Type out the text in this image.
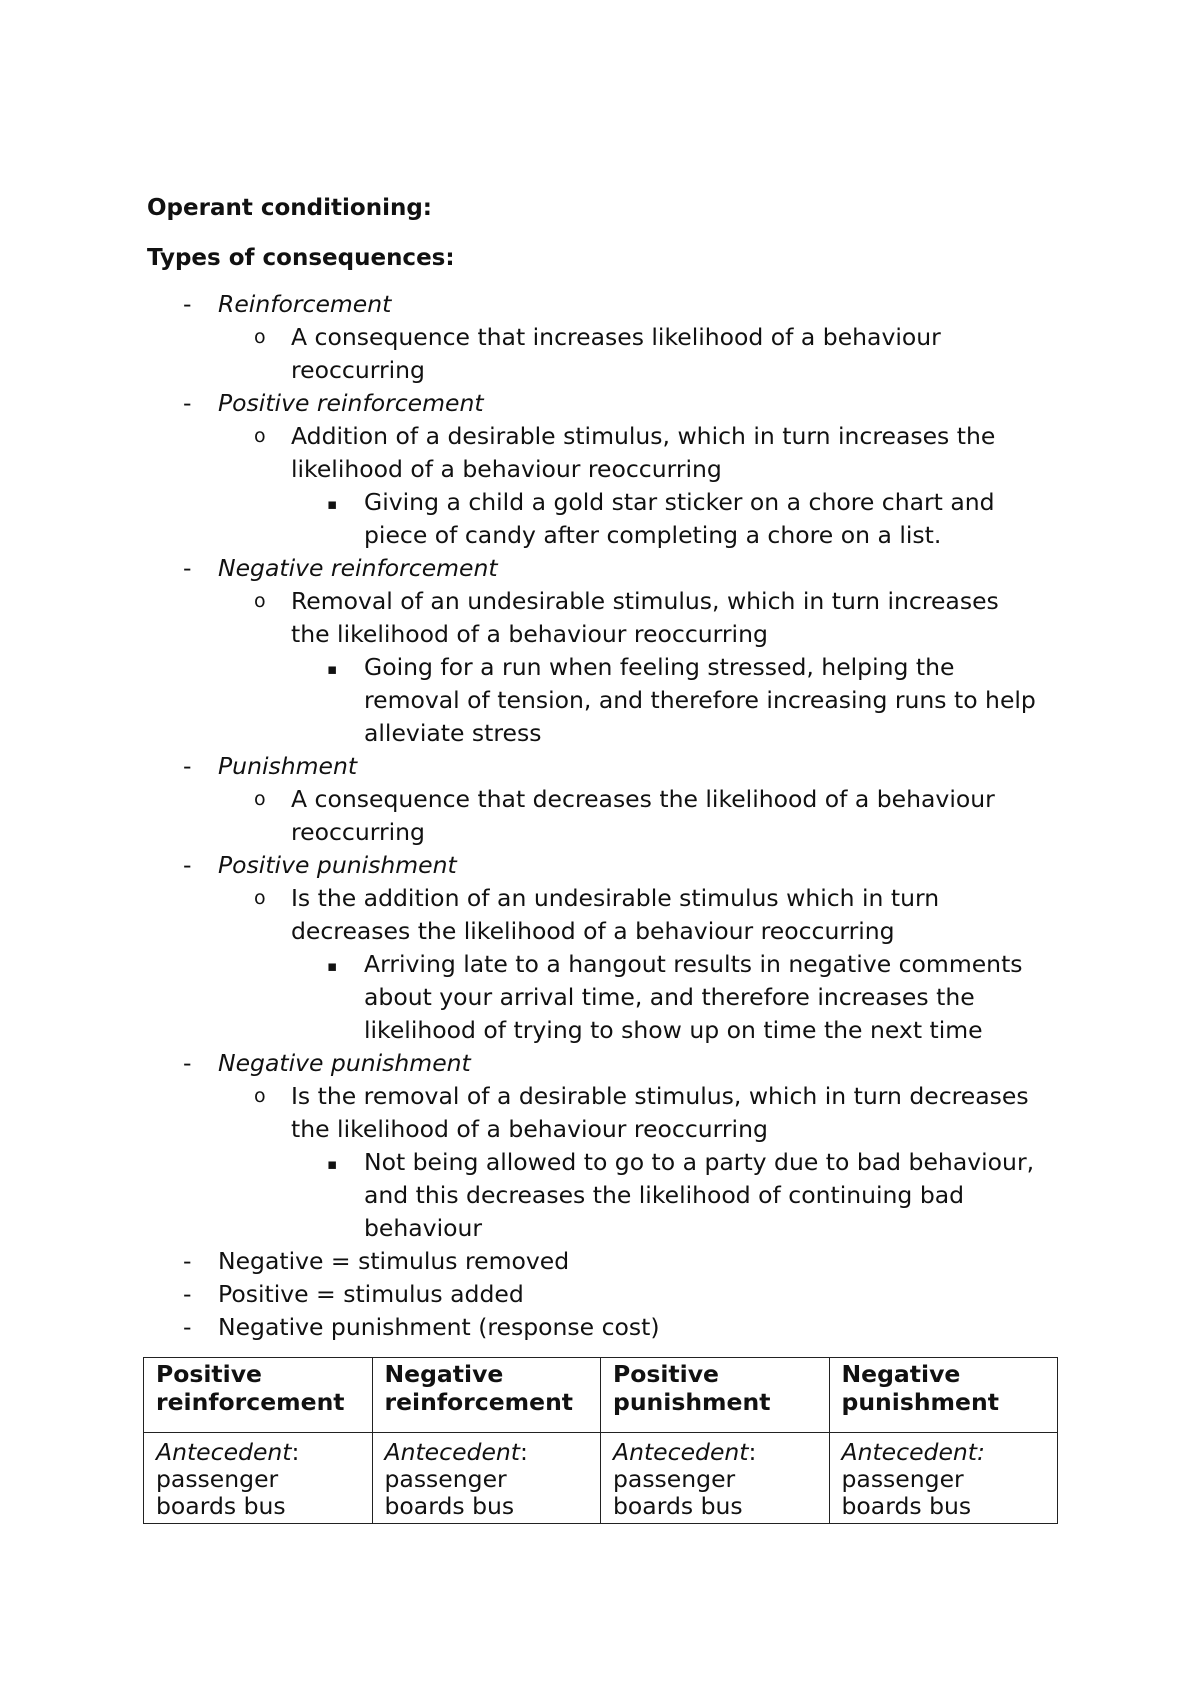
Operant conditioning:
Types of consequences:
- Reinforcement
o A consequence that increases likelihood of a behaviour
reoccurring
- Positive reinforcement
o Addition of a desirable stimulus, which in turn increases the
likelihood of a behaviour reoccurring
▪ Giving a child a gold star sticker on a chore chart and
piece of candy after completing a chore on a list.
- Negative reinforcement
o Removal of an undesirable stimulus, which in turn increases
the likelihood of a behaviour reoccurring
▪ Going for a run when feeling stressed, helping the
removal of tension, and therefore increasing runs to help
alleviate stress
- Punishment
o A consequence that decreases the likelihood of a behaviour
reoccurring
- Positive punishment
o Is the addition of an undesirable stimulus which in turn
decreases the likelihood of a behaviour reoccurring
▪ Arriving late to a hangout results in negative comments
about your arrival time, and therefore increases the
likelihood of trying to show up on time the next time
- Negative punishment
o Is the removal of a desirable stimulus, which in turn decreases
the likelihood of a behaviour reoccurring
▪ Not being allowed to go to a party due to bad behaviour,
and this decreases the likelihood of continuing bad
behaviour
- Negative = stimulus removed
- Positive = stimulus added
- Negative punishment (response cost)
Positive
reinforcement	Negative
reinforcement	Positive
punishment	Negative
punishment
Antecedent:
passenger
boards bus	Antecedent:
passenger
boards bus	Antecedent:
passenger
boards bus	Antecedent:
passenger
boards bus
